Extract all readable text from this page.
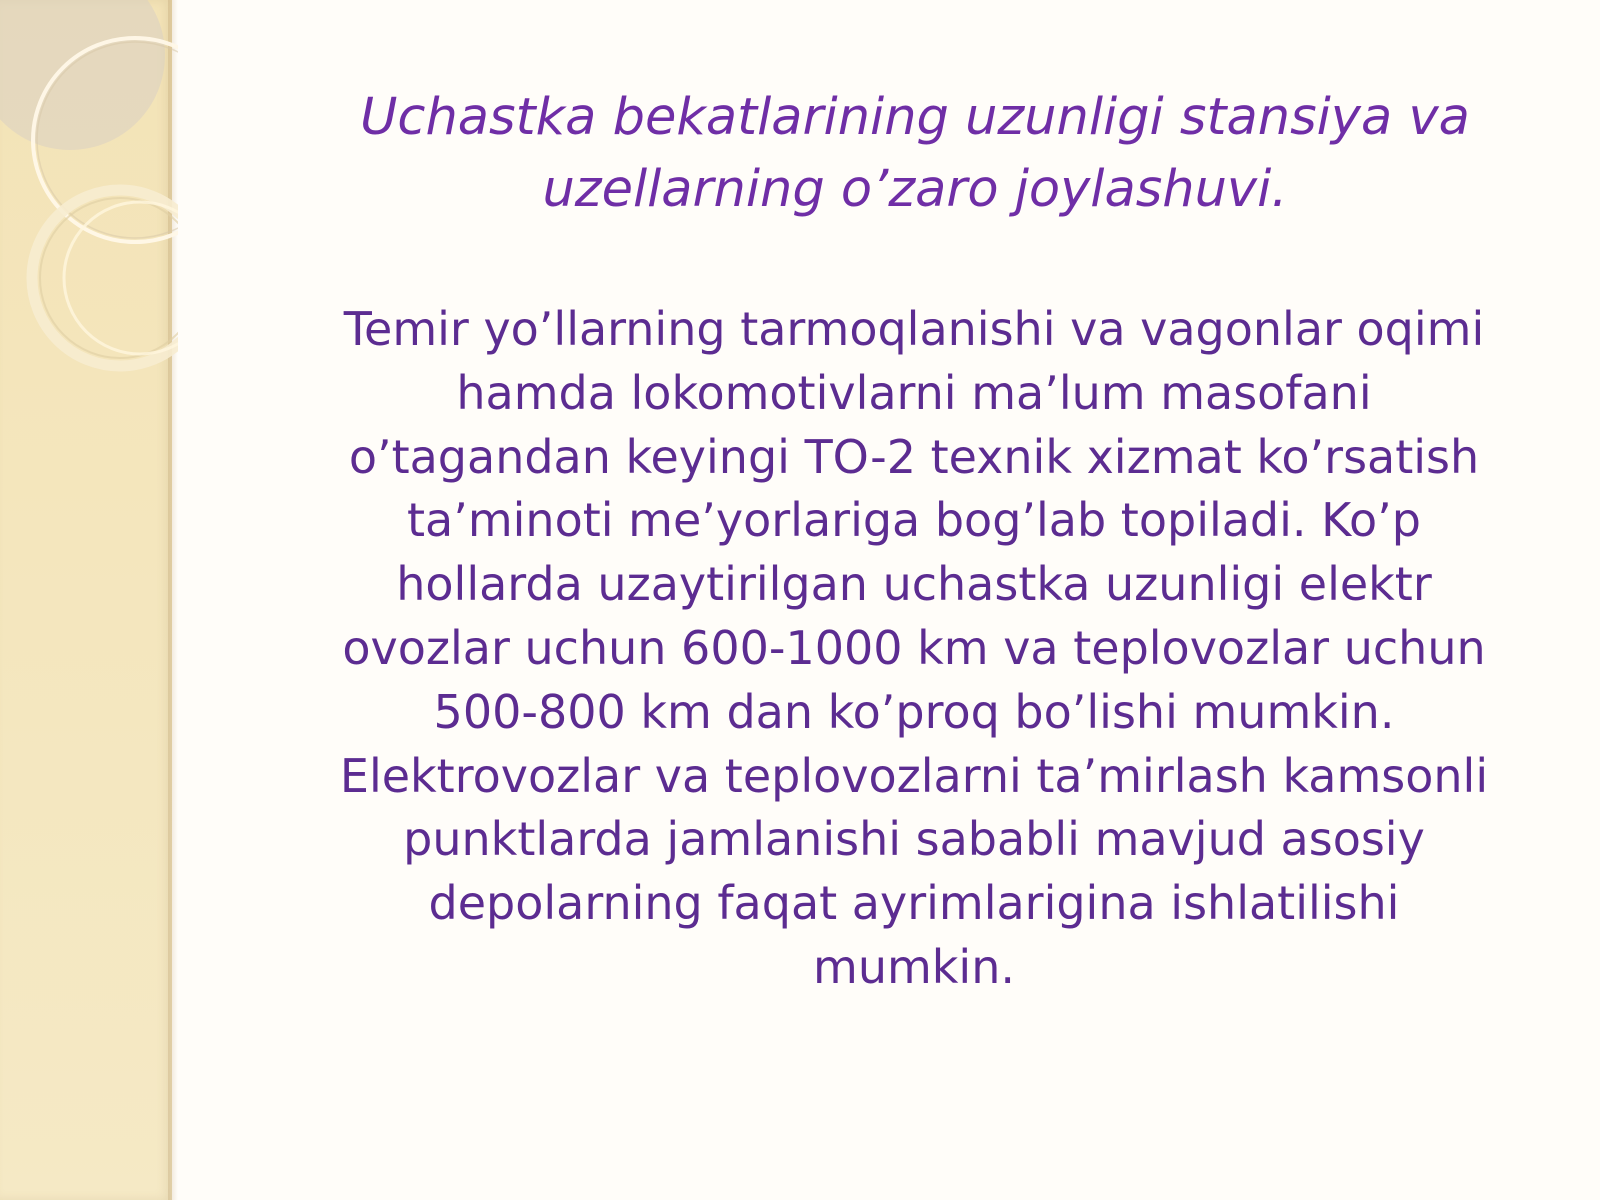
Uchastka bekatlarining uzunligi stansiya va uzellarning o’zaro joylashuvi.

Temir yo’llarning tarmoqlanishi va vagonlar oqimi
hamda lokomotivlarni ma’lum masofani
o’tagandan keyingi TO-2 texnik xizmat ko’rsatish
ta’minoti me’yorlariga bog’lab topiladi. Ko’p
hollarda uzaytirilgan uchastka uzunligi elektr
ovozlar uchun 600-1000 km va teplovozlar uchun
500-800 km dan ko’proq bo’lishi mumkin.
Elektrovozlar va teplovozlarni ta’mirlash kamsonli
punktlarda jamlanishi sababli mavjud asosiy
depolarning faqat ayrimlarigina ishlatilishi
mumkin.
